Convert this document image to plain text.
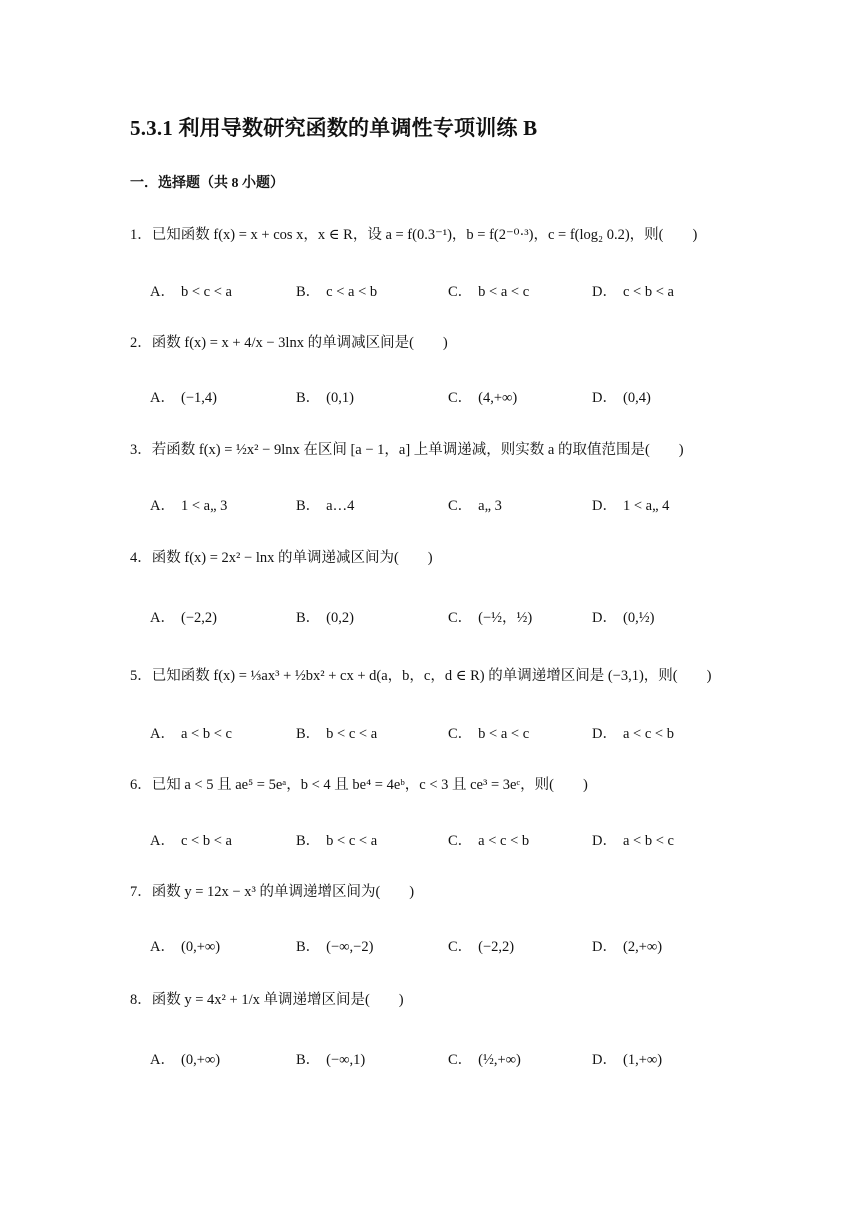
5.3.1 利用导数研究函数的单调性专项训练 B
一．选择题（共 8 小题）
1．已知函数 f(x) = x + cos x，x ∈ R，设 a = f(0.3⁻¹)，b = f(2⁻⁰·³)，c = f(log₂ 0.2)，则(　　)
A． b < c < a	B． c < a < b	C． b < a < c	D． c < b < a
2．函数 f(x) = x + 4/x − 3lnx 的单调减区间是(　　)
A． (−1,4)	B． (0,1)	C． (4,+∞)	D． (0,4)
3．若函数 f(x) = ½x² − 9lnx 在区间 [a − 1，a] 上单调递减，则实数 a 的取值范围是(　　)
A． 1 < a„ 3	B． a…4	C． a„ 3	D． 1 < a„ 4
4．函数 f(x) = 2x² − lnx 的单调递减区间为(　　)
A． (−2,2)	B． (0,2)	C． (−½，½)	D． (0,½)
5．已知函数 f(x) = ⅓ax³ + ½bx² + cx + d(a，b，c，d ∈ R) 的单调递增区间是 (−3,1)，则(　　)
A． a < b < c	B． b < c < a	C． b < a < c	D． a < c < b
6．已知 a < 5 且 ae⁵ = 5eᵃ，b < 4 且 be⁴ = 4eᵇ，c < 3 且 ce³ = 3eᶜ，则(　　)
A． c < b < a	B． b < c < a	C． a < c < b	D． a < b < c
7．函数 y = 12x − x³ 的单调递增区间为(　　)
A． (0,+∞)	B． (−∞,−2)	C． (−2,2)	D． (2,+∞)
8．函数 y = 4x² + 1/x 单调递增区间是(　　)
A． (0,+∞)	B． (−∞,1)	C． (½,+∞)	D． (1,+∞)
